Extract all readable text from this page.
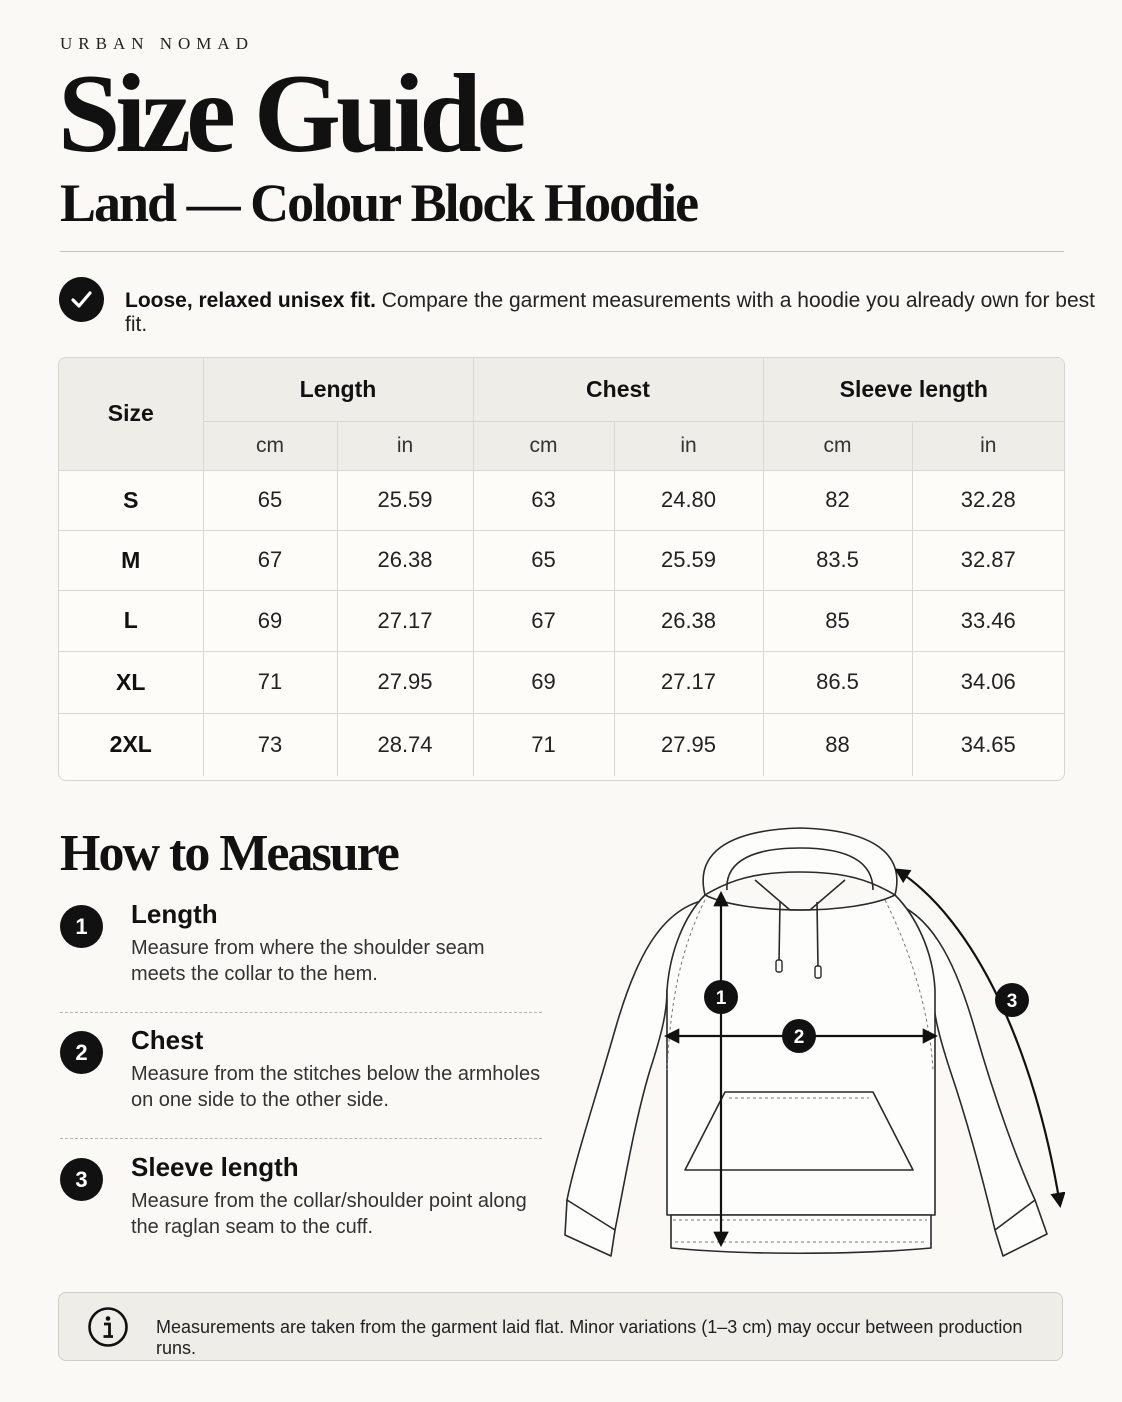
URBAN NOMAD
Size Guide
Land — Colour Block Hoodie
Loose, relaxed unisex fit. Compare the garment measurements with a hoodie you already own for best fit.
Size	Length		Chest		Sleeve length	
	cm	in	cm	in	cm	in
S	65	25.59	63	24.80	82	32.28
M	67	26.38	65	25.59	83.5	32.87
L	69	27.17	67	26.38	85	33.46
XL	71	27.95	69	27.17	86.5	34.06
2XL	73	28.74	71	27.95	88	34.65
How to Measure
1	Length
Measure from where the shoulder seam meets the collar to the hem.
2	Chest
Measure from the stitches below the armholes on one side to the other side.
3	Sleeve length
Measure from the collar/shoulder point along the raglan seam to the cuff.
1
2
3
Measurements are taken from the garment laid flat. Minor variations (1–3 cm) may occur between production runs.
